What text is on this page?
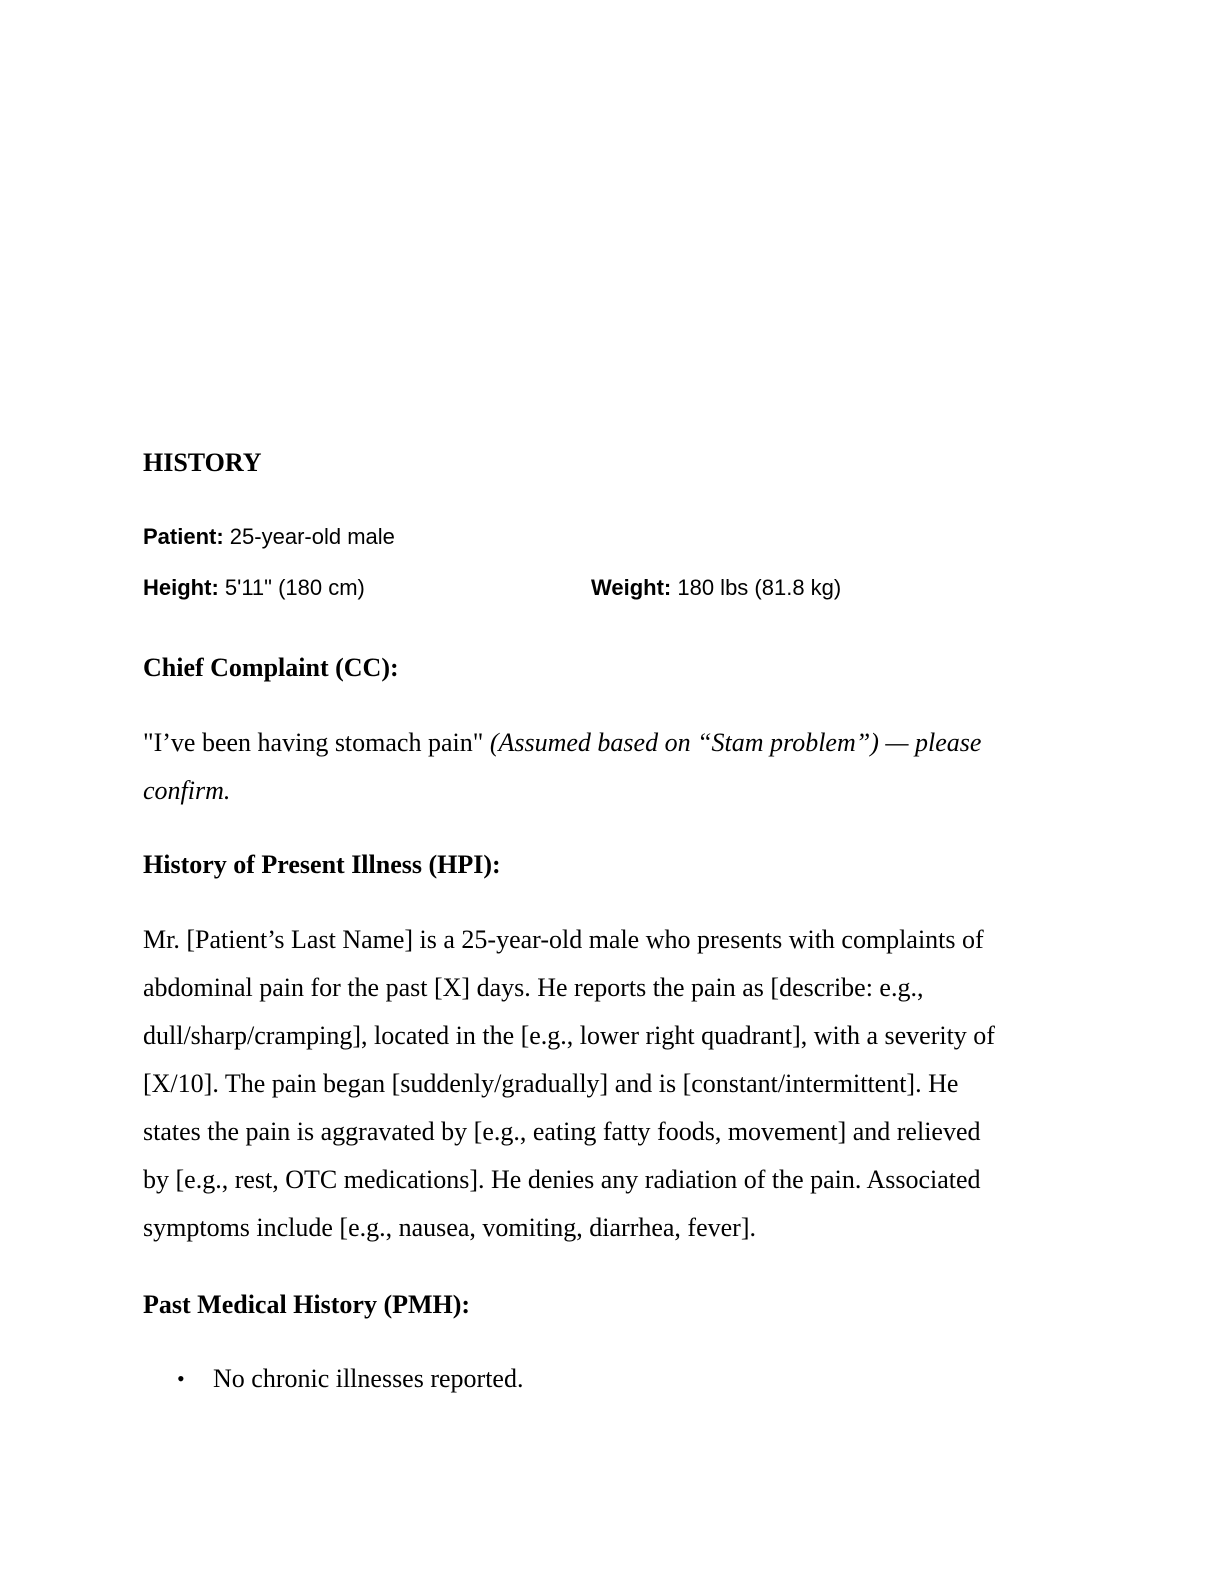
HISTORY
Patient: 25-year-old male
Height: 5'11" (180 cm)	Weight: 180 lbs (81.8 kg)
Chief Complaint (CC):
"I’ve been having stomach pain" (Assumed based on “Stam problem”) — please
confirm.
History of Present Illness (HPI):
Mr. [Patient’s Last Name] is a 25-year-old male who presents with complaints of
abdominal pain for the past [X] days. He reports the pain as [describe: e.g.,
dull/sharp/cramping], located in the [e.g., lower right quadrant], with a severity of
[X/10]. The pain began [suddenly/gradually] and is [constant/intermittent]. He
states the pain is aggravated by [e.g., eating fatty foods, movement] and relieved
by [e.g., rest, OTC medications]. He denies any radiation of the pain. Associated
symptoms include [e.g., nausea, vomiting, diarrhea, fever].
Past Medical History (PMH):
• No chronic illnesses reported.
